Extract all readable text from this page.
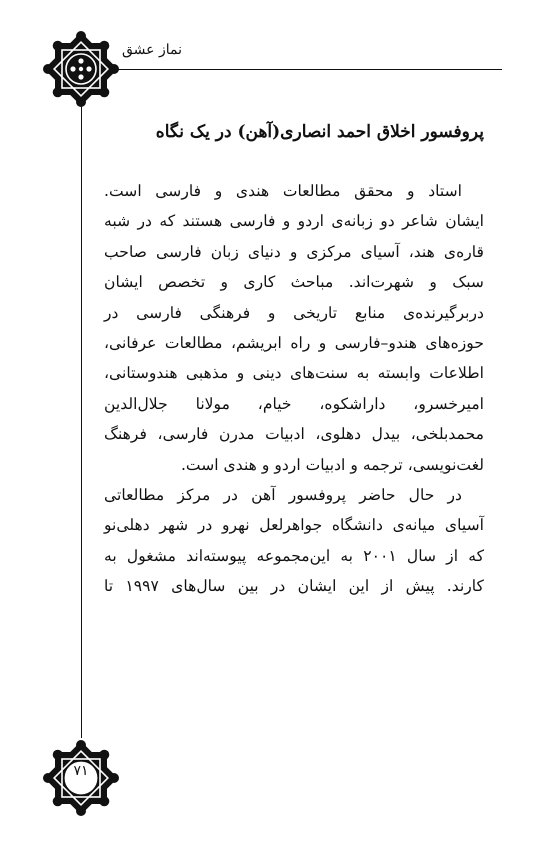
نماز عشق
۷۱
پروفسور اخلاق احمد انصاری(آهن) در یک نگاه
استاد و محقق مطالعات هندی و فارسی است.
ایشان شاعر دو زبانه‌ی اردو و فارسی هستند که در شبه
قاره‌ی هند، آسیای مرکزی و دنیای زبان فارسی صاحب
سبک و شهرت‌اند. مباحث کاری و تخصص ایشان
دربرگیرنده‌ی منابع تاریخی و فرهنگی فارسی در
حوزه‌های هندو–فارسی و راه ابریشم، مطالعات عرفانی،
اطلاعات وابسته به سنت‌های دینی و مذهبی هندوستانی،
امیرخسرو، داراشکوه، خیام، مولانا جلال‌الدین
محمدبلخی، بیدل دهلوی، ادبیات مدرن فارسی، فرهنگ
لغت‌نویسی، ترجمه و ادبیات اردو و هندی است.
در حال حاضر پروفسور آهن در مرکز مطالعاتی
آسیای میانه‌ی دانشگاه جواهرلعل نهرو در شهر دهلی‌نو
که از سال ۲۰۰۱ به این‌مجموعه پیوسته‌اند مشغول به
کارند. پیش از این ایشان در بین سال‌های ۱۹۹۷ تا
